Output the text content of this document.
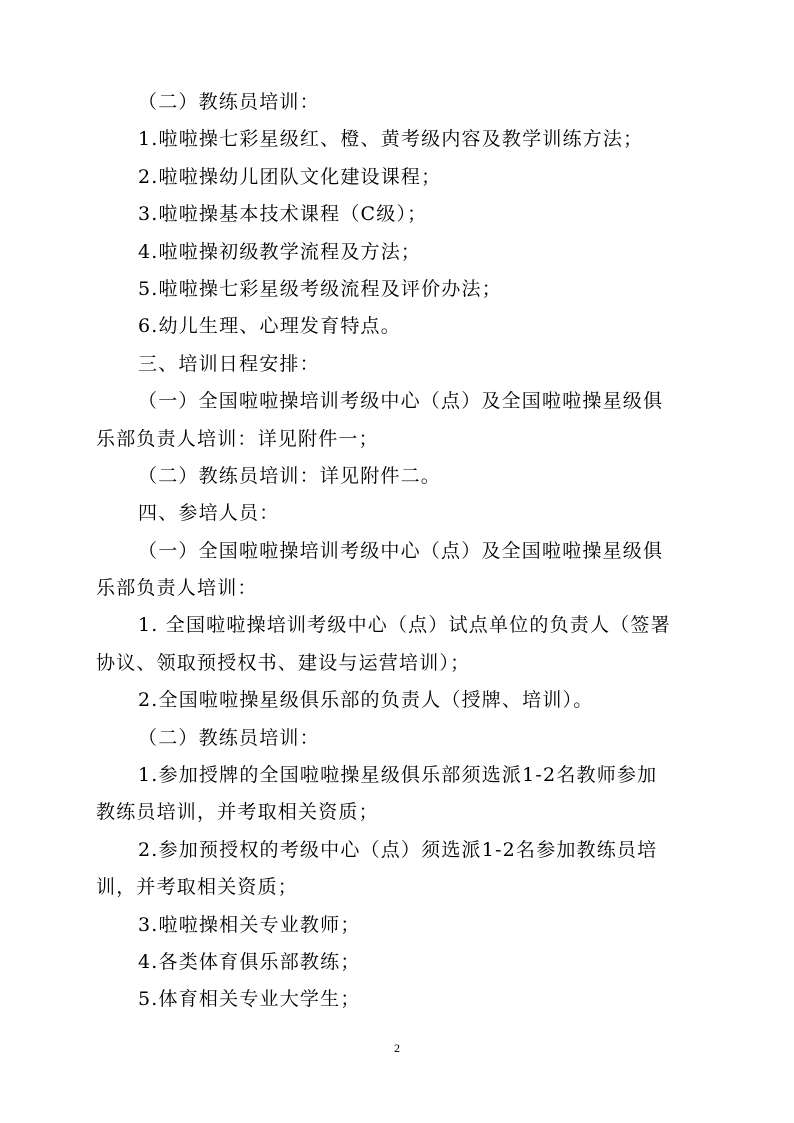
（二）教练员培训：
1.啦啦操七彩星级红、橙、黄考级内容及教学训练方法；
2.啦啦操幼儿团队文化建设课程；
3.啦啦操基本技术课程（C级）；
4.啦啦操初级教学流程及方法；
5.啦啦操七彩星级考级流程及评价办法；
6.幼儿生理、心理发育特点。
三、培训日程安排：
（一）全国啦啦操培训考级中心（点）及全国啦啦操星级俱
乐部负责人培训：详见附件一；
（二）教练员培训：详见附件二。
四、参培人员：
（一）全国啦啦操培训考级中心（点）及全国啦啦操星级俱
乐部负责人培训：
1. 全国啦啦操培训考级中心（点）试点单位的负责人（签署
协议、领取预授权书、建设与运营培训）；
2.全国啦啦操星级俱乐部的负责人（授牌、培训）。
（二）教练员培训：
1.参加授牌的全国啦啦操星级俱乐部须选派1-2名教师参加
教练员培训，并考取相关资质；
2.参加预授权的考级中心（点）须选派1-2名参加教练员培
训，并考取相关资质；
3.啦啦操相关专业教师；
4.各类体育俱乐部教练；
5.体育相关专业大学生；
2
